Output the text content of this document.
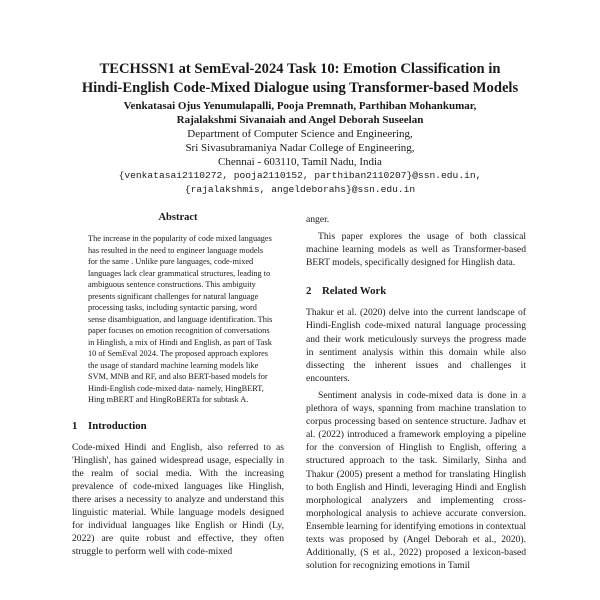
TECHSSN1 at SemEval-2024 Task 10: Emotion Classification in
Hindi-English Code-Mixed Dialogue using Transformer-based Models
Venkatasai Ojus Yenumulapalli, Pooja Premnath, Parthiban Mohankumar,
Rajalakshmi Sivanaiah and Angel Deborah Suseelan
Department of Computer Science and Engineering,
Sri Sivasubramaniya Nadar College of Engineering,
Chennai - 603110, Tamil Nadu, India
{venkatasai2110272, pooja2110152, parthiban2110207}@ssn.edu.in,
{rajalakshmis, angeldeborahs}@ssn.edu.in
Abstract

The increase in the popularity of code mixed languages has resulted in the need to engineer language models for the same . Unlike pure languages, code-mixed languages lack clear grammatical structures, leading to ambiguous sentence constructions. This ambiguity presents significant challenges for natural language processing tasks, including syntactic parsing, word sense disambiguation, and language identification. This paper focuses on emotion recognition of conversations in Hinglish, a mix of Hindi and English, as part of Task 10 of SemEval 2024. The proposed approach explores the usage of standard machine learning models like SVM, MNB and RF, and also BERT-based models for Hindi-English code-mixed data- namely, HingBERT, Hing mBERT and HingRoBERTa for subtask A.

1 Introduction

Code-mixed Hindi and English, also referred to as 'Hinglish', has gained widespread usage, especially in the realm of social media. With the increasing prevalence of code-mixed languages like Hinglish, there arises a necessity to analyze and understand this linguistic material. While language models designed for individual languages like English or Hindi (Ly, 2022) are quite robust and effective, they often struggle to perform well with code-mixed

anger.

This paper explores the usage of both classical machine learning models as well as Transformer-based BERT models, specifically designed for Hinglish data.

2 Related Work

Thakur et al. (2020) delve into the current landscape of Hindi-English code-mixed natural language processing and their work meticulously surveys the progress made in sentiment analysis within this domain while also dissecting the inherent issues and challenges it encounters.

Sentiment analysis in code-mixed data is done in a plethora of ways, spanning from machine translation to corpus processing based on sentence structure. Jadhav et al. (2022) introduced a framework employing a pipeline for the conversion of Hinglish to English, offering a structured approach to the task. Similarly, Sinha and Thakur (2005) present a method for translating Hinglish to both English and Hindi, leveraging Hindi and English morphological analyzers and implementing cross-morphological analysis to achieve accurate conversion. Ensemble learning for identifying emotions in contextual texts was proposed by (Angel Deborah et al., 2020). Additionally, (S et al., 2022) proposed a lexicon-based solution for recognizing emotions in Tamil
